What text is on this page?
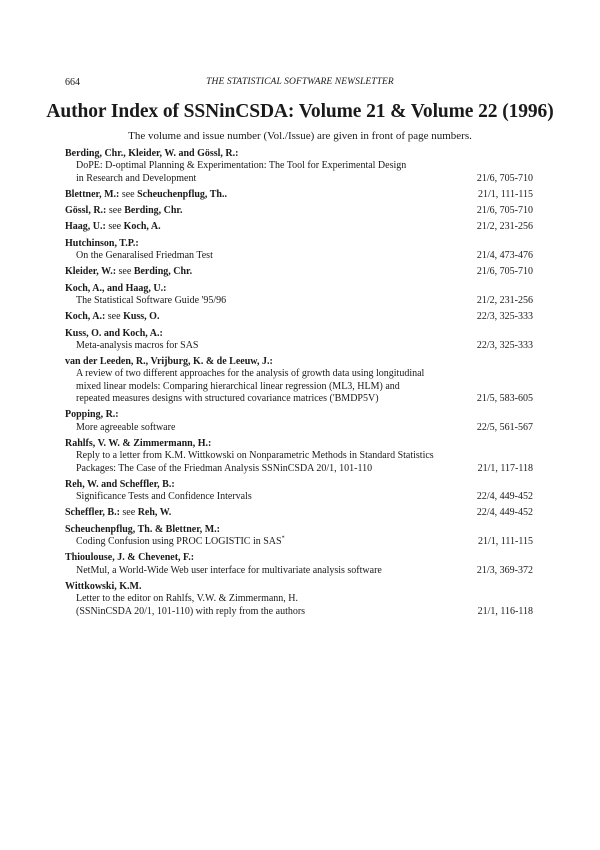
664	THE STATISTICAL SOFTWARE NEWSLETTER
Author Index of SSNinCSDA: Volume 21 & Volume 22 (1996)
The volume and issue number (Vol./Issue) are given in front of page numbers.
Berding, Chr., Kleider, W. and Gössl, R.:
DoPE: D-optimal Planning & Experimentation: The Tool for Experimental Design
in Research and Development	21/6, 705-710
Blettner, M.: see Scheuchenpflug, Th..	21/1, 111-115
Gössl, R.: see Berding, Chr.	21/6, 705-710
Haag, U.: see Koch, A.	21/2, 231-256
Hutchinson, T.P.:
On the Genaralised Friedman Test	21/4, 473-476
Kleider, W.: see Berding, Chr.	21/6, 705-710
Koch, A., and Haag, U.:
The Statistical Software Guide '95/96	21/2, 231-256
Koch, A.: see Kuss, O.	22/3, 325-333
Kuss, O. and Koch, A.:
Meta-analysis macros for SAS	22/3, 325-333
van der Leeden, R., Vrijburg, K. & de Leeuw, J.:
A review of two different approaches for the analysis of growth data using longitudinal
mixed linear models: Comparing hierarchical linear regression (ML3, HLM) and
repeated measures designs with structured covariance matrices ('BMDP5V)	21/5, 583-605
Popping, R.:
More agreeable software	22/5, 561-567
Rahlfs, V. W. & Zimmermann, H.:
Reply to a letter from K.M. Wittkowski on Nonparametric Methods in Standard Statistics
Packages: The Case of the Friedman Analysis SSNinCSDA 20/1, 101-110	21/1, 117-118
Reh, W. and Scheffler, B.:
Significance Tests and Confidence Intervals	22/4, 449-452
Scheffler, B.: see Reh, W.	22/4, 449-452
Scheuchenpflug, Th. & Blettner, M.:
Coding Confusion using PROC LOGISTIC in SAS*	21/1, 111-115
Thioulouse, J. & Chevenet, F.:
NetMul, a World-Wide Web user interface for multivariate analysis software	21/3, 369-372
Wittkowski, K.M.
Letter to the editor on Rahlfs, V.W. & Zimmermann, H.
(SSNinCSDA 20/1, 101-110) with reply from the authors	21/1, 116-118
